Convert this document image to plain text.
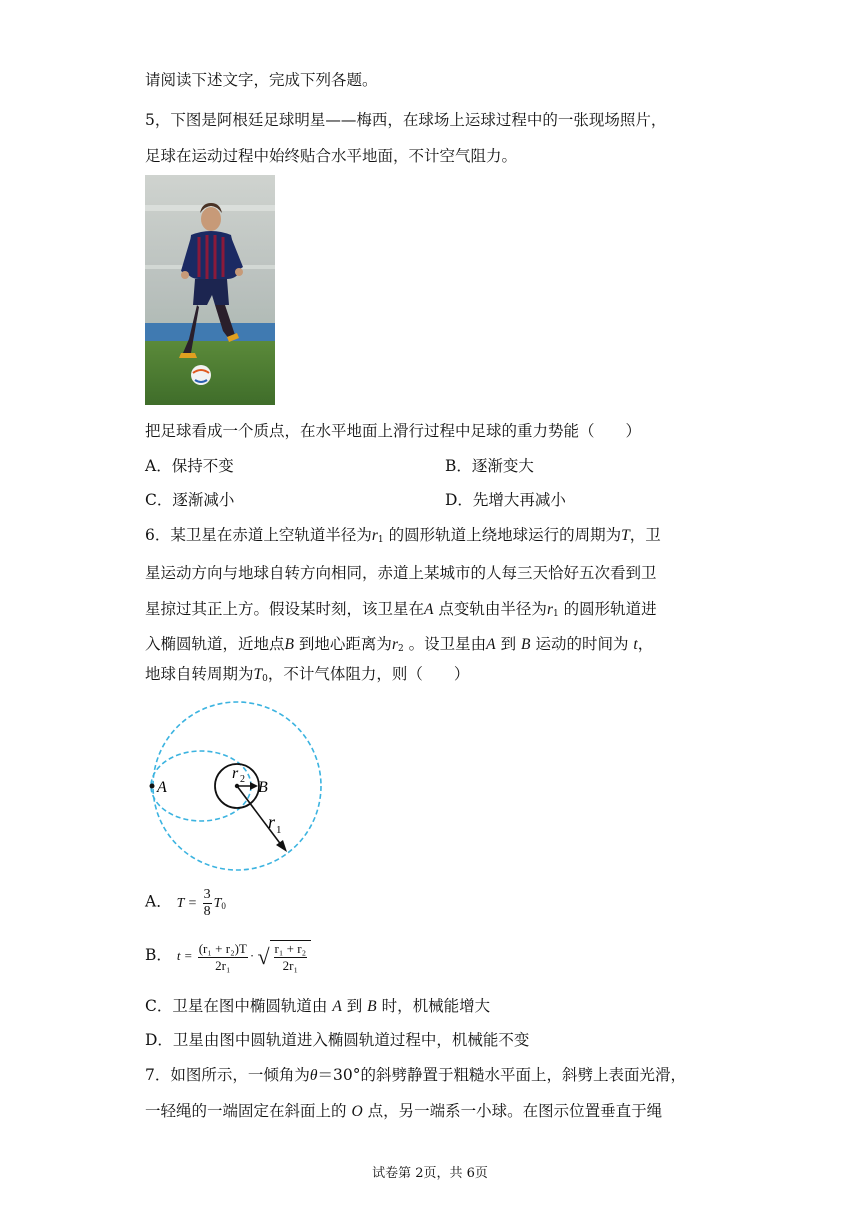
请阅读下述文字，完成下列各题。
5，下图是阿根廷足球明星——梅西，在球场上运球过程中的一张现场照片，
足球在运动过程中始终贴合水平地面，不计空气阻力。
把足球看成一个质点，在水平地面上滑行过程中足球的重力势能（　　）
A．保持不变	B．逐渐变大
C．逐渐减小	D．先增大再减小
6．某卫星在赤道上空轨道半径为$r_1$ 的圆形轨道上绕地球运行的周期为T，卫
星运动方向与地球自转方向相同，赤道上某城市的人每三天恰好五次看到卫
星掠过其正上方。假设某时刻，该卫星在A 点变轨由半径为$r_1$ 的圆形轨道进
入椭圆轨道，近地点B 到地心距离为$r_2$ 。设卫星由A 到 B 运动的时间为 t，
地球自转周期为$T_0$，不计气体阻力，则（　　）
A	B
r 2
r 1
A． $T = \frac{3}{8} T_0$
B． $t = \frac{\text{(r₁ + r₂)T}}{\text{2r₁}}$ · √ $\frac{\text{r₁ + r₂}}{\text{2r₁}}$
C．卫星在图中椭圆轨道由 A 到 B 时，机械能增大
D．卫星由图中圆轨道进入椭圆轨道过程中，机械能不变
7．如图所示，一倾角为θ＝30°的斜劈静置于粗糙水平面上，斜劈上表面光滑，
一轻绳的一端固定在斜面上的 O 点，另一端系一小球。在图示位置垂直于绳
试卷第 2页，共 6页
